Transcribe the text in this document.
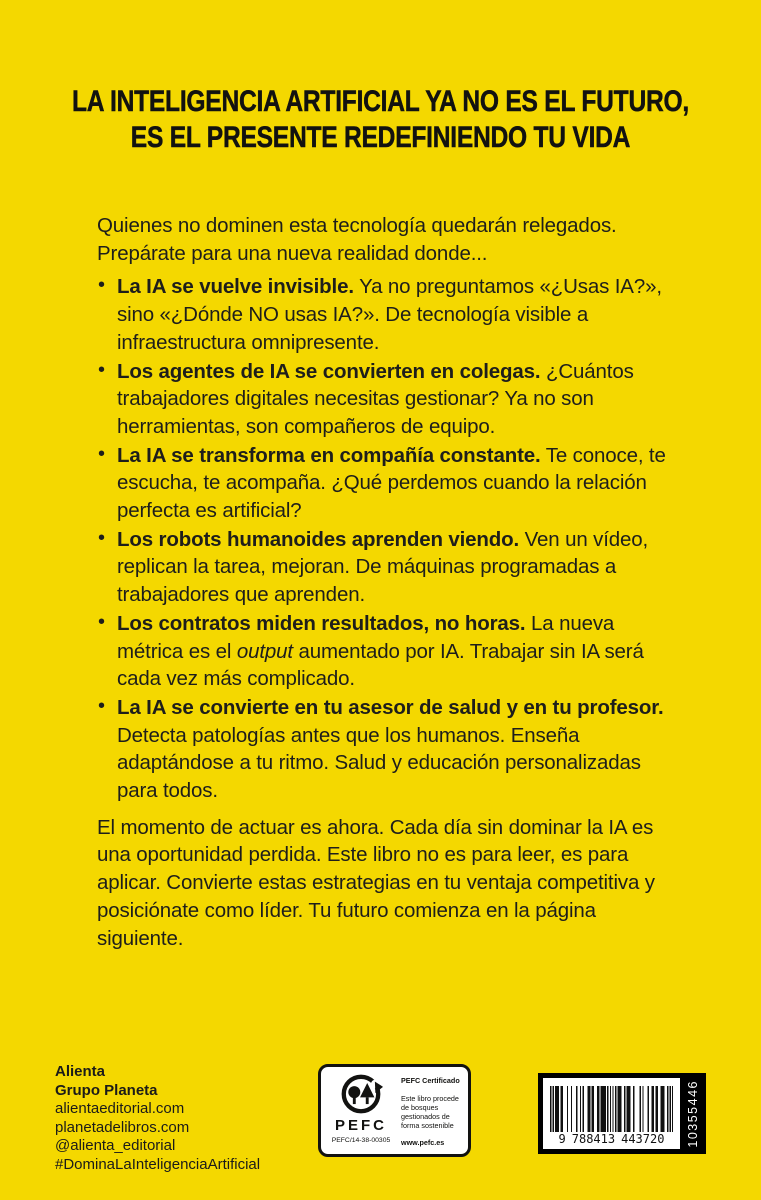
LA INTELIGENCIA ARTIFICIAL YA NO ES EL FUTURO,
ES EL PRESENTE REDEFINIENDO TU VIDA

Quienes no dominen esta tecnología quedarán relegados. Prepárate para una nueva realidad donde...

• La IA se vuelve invisible. Ya no preguntamos «¿Usas IA?», sino «¿Dónde NO usas IA?». De tecnología visible a infraestructura omnipresente.
• Los agentes de IA se convierten en colegas. ¿Cuántos trabajadores digitales necesitas gestionar? Ya no son herramientas, son compañeros de equipo.
• La IA se transforma en compañía constante. Te conoce, te escucha, te acompaña. ¿Qué perdemos cuando la relación perfecta es artificial?
• Los robots humanoides aprenden viendo. Ven un vídeo, replican la tarea, mejoran. De máquinas programadas a trabajadores que aprenden.
• Los contratos miden resultados, no horas. La nueva métrica es el output aumentado por IA. Trabajar sin IA será cada vez más complicado.
• La IA se convierte en tu asesor de salud y en tu profesor. Detecta patologías antes que los humanos. Enseña adaptándose a tu ritmo. Salud y educación personalizadas para todos.

El momento de actuar es ahora. Cada día sin dominar la IA es una oportunidad perdida. Este libro no es para leer, es para aplicar. Convierte estas estrategias en tu ventaja competitiva y posiciónate como líder. Tu futuro comienza en la página siguiente.

Alienta
Grupo Planeta
alientaeditorial.com
planetadelibros.com
@alienta_editorial
#DominaLaInteligenciaArtificial
PEFC
PEFC/14-38-00305
PEFC Certificado
Este libro procede de bosques gestionados de forma sostenible
www.pefc.es	9 788413 443720 10355446
